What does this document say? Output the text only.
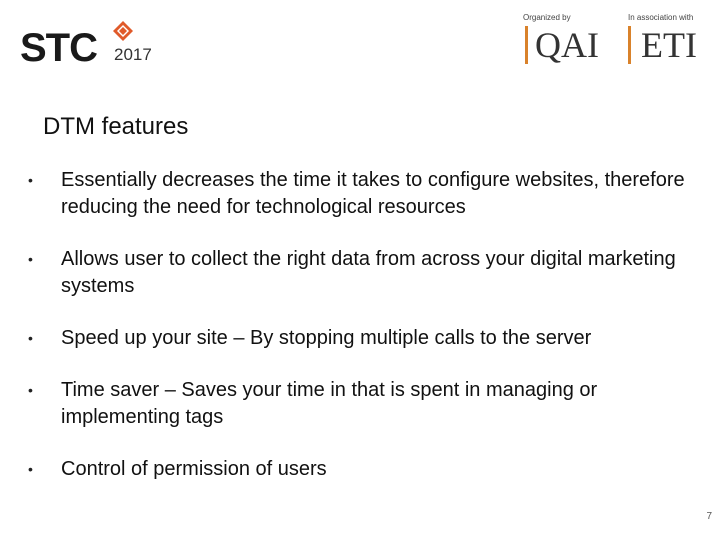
STC 2017
Organized by
QAI
In association with
ETI
DTM features
• Essentially decreases the time it takes to configure websites, therefore reducing the need for technological resources
• Allows user to collect the right data from across your digital marketing systems
• Speed up your site – By stopping multiple calls to the server
• Time saver – Saves your time in that is spent in managing or implementing tags
• Control of permission of users
7
